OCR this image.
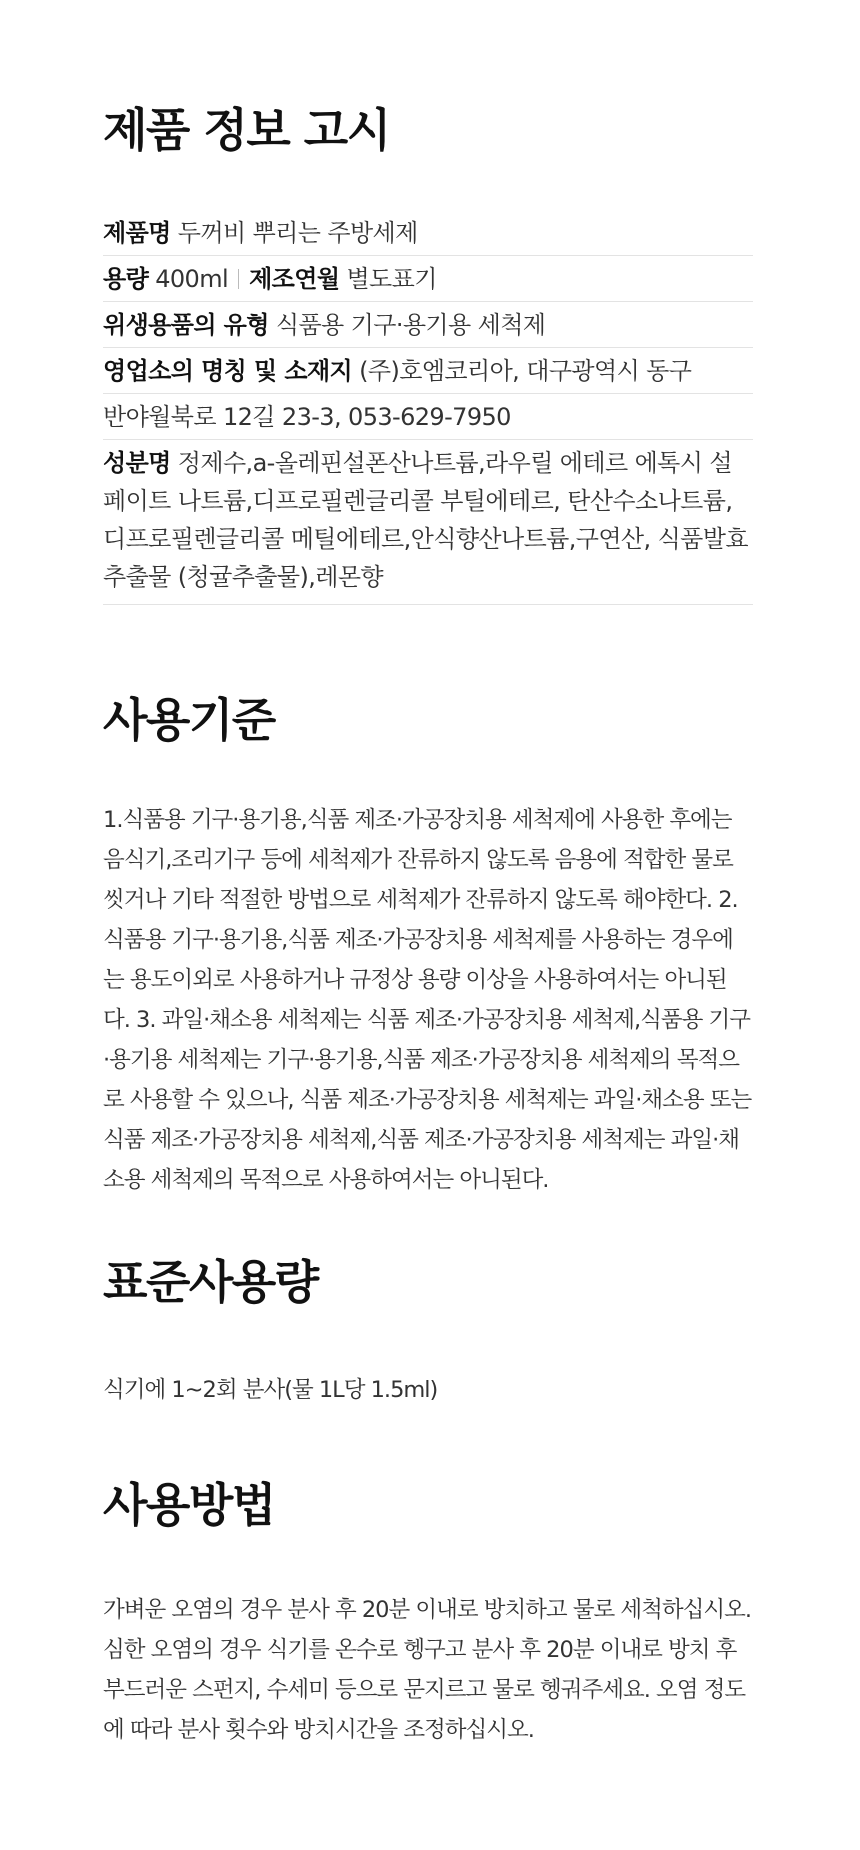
제품 정보 고시
제품명 두꺼비 뿌리는 주방세제
용량 400ml 제조연월 별도표기
위생용품의 유형 식품용 기구·용기용 세척제
영업소의 명칭 및 소재지 (주)호엠코리아, 대구광역시 동구
반야월북로 12길 23-3, 053-629-7950
성분명 정제수,a-올레핀설폰산나트륨,라우릴 에테르 에톡시 설페이트 나트륨,디프로필렌글리콜 부틸에테르, 탄산수소나트륨,디프로필렌글리콜 메틸에테르,안식향산나트륨,구연산, 식품발효추출물 (청귤추출물),레몬향
사용기준

1.식품용 기구·용기용,식품 제조·가공장치용 세척제에 사용한 후에는 음식기,조리기구 등에 세척제가 잔류하지 않도록 음용에 적합한 물로 씻거나 기타 적절한 방법으로 세척제가 잔류하지 않도록 해야한다. 2. 식품용 기구·용기용,식품 제조·가공장치용 세척제를 사용하는 경우에는 용도이외로 사용하거나 규정상 용량 이상을 사용하여서는 아니된다. 3. 과일·채소용 세척제는 식품 제조·가공장치용 세척제,식품용 기구·용기용 세척제는 기구·용기용,식품 제조·가공장치용 세척제의 목적으로 사용할 수 있으나, 식품 제조·가공장치용 세척제는 과일·채소용 또는 식품 제조·가공장치용 세척제,식품 제조·가공장치용 세척제는 과일·채소용 세척제의 목적으로 사용하여서는 아니된다.

표준사용량

식기에 1~2회 분사(물 1L당 1.5ml)

사용방법

가벼운 오염의 경우 분사 후 20분 이내로 방치하고 물로 세척하십시오. 심한 오염의 경우 식기를 온수로 헹구고 분사 후 20분 이내로 방치 후 부드러운 스펀지, 수세미 등으로 문지르고 물로 헹궈주세요. 오염 정도에 따라 분사 횟수와 방치시간을 조정하십시오.
